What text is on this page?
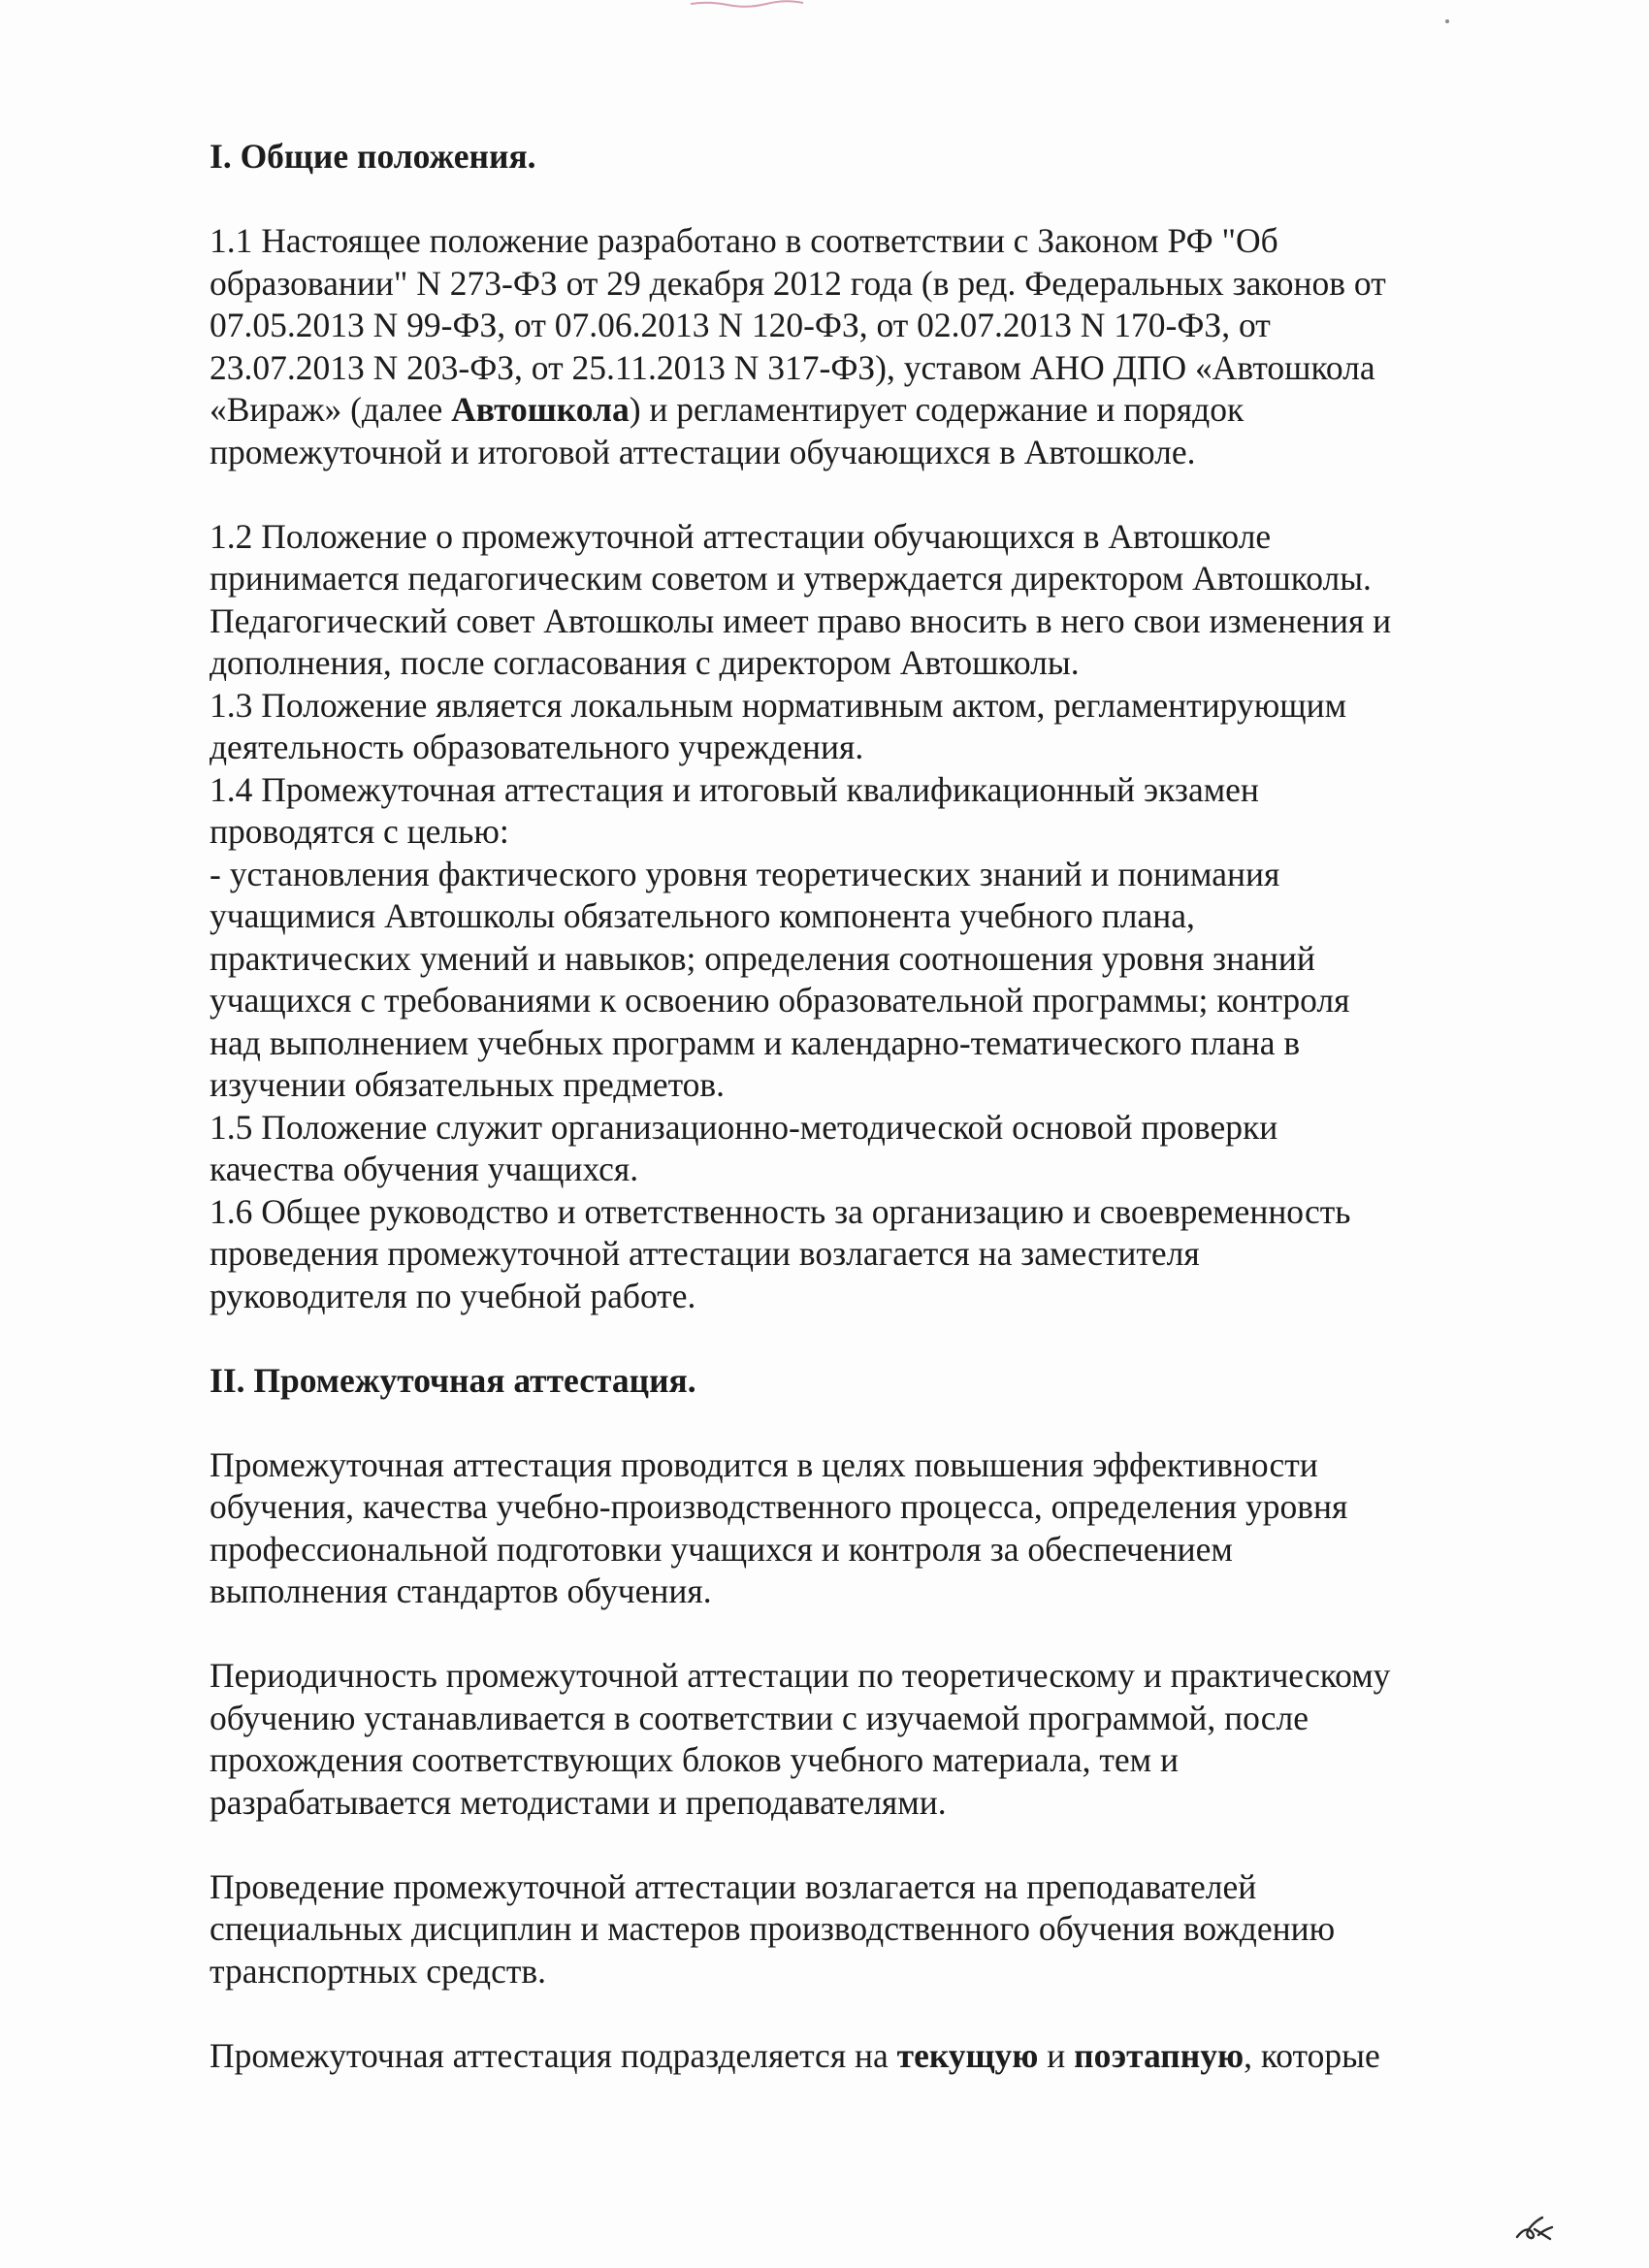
I. Общие положения.

1.1 Настоящее положение разработано в соответствии с Законом РФ "Об
образовании" N 273-ФЗ от 29 декабря 2012 года (в ред. Федеральных законов от
07.05.2013 N 99-ФЗ, от 07.06.2013 N 120-ФЗ, от 02.07.2013 N 170-ФЗ, от
23.07.2013 N 203-ФЗ, от 25.11.2013 N 317-ФЗ), уставом АНО ДПО «Автошкола
«Вираж» (далее Автошкола) и регламентирует содержание и порядок
промежуточной и итоговой аттестации обучающихся в Автошколе.
1.2 Положение о промежуточной аттестации обучающихся в Автошколе
принимается педагогическим советом и утверждается директором Автошколы.
Педагогический совет Автошколы имеет право вносить в него свои изменения и
дополнения, после согласования с директором Автошколы.
1.3 Положение является локальным нормативным актом, регламентирующим
деятельность образовательного учреждения.
1.4 Промежуточная аттестация и итоговый квалификационный экзамен
проводятся с целью:
- установления фактического уровня теоретических знаний и понимания
учащимися Автошколы обязательного компонента учебного плана,
практических умений и навыков; определения соотношения уровня знаний
учащихся с требованиями к освоению образовательной программы; контроля
над выполнением учебных программ и календарно-тематического плана в
изучении обязательных предметов.
1.5 Положение служит организационно-методической основой проверки
качества обучения учащихся.
1.6 Общее руководство и ответственность за организацию и своевременность
проведения промежуточной аттестации возлагается на заместителя
руководителя по учебной работе.

II. Промежуточная аттестация.

Промежуточная аттестация проводится в целях повышения эффективности
обучения, качества учебно-производственного процесса, определения уровня
профессиональной подготовки учащихся и контроля за обеспечением
выполнения стандартов обучения.
Периодичность промежуточной аттестации по теоретическому и практическому
обучению устанавливается в соответствии с изучаемой программой, после
прохождения соответствующих блоков учебного материала, тем и
разрабатывается методистами и преподавателями.
Проведение промежуточной аттестации возлагается на преподавателей
специальных дисциплин и мастеров производственного обучения вождению
транспортных средств.
Промежуточная аттестация подразделяется на текущую и поэтапную, которые
